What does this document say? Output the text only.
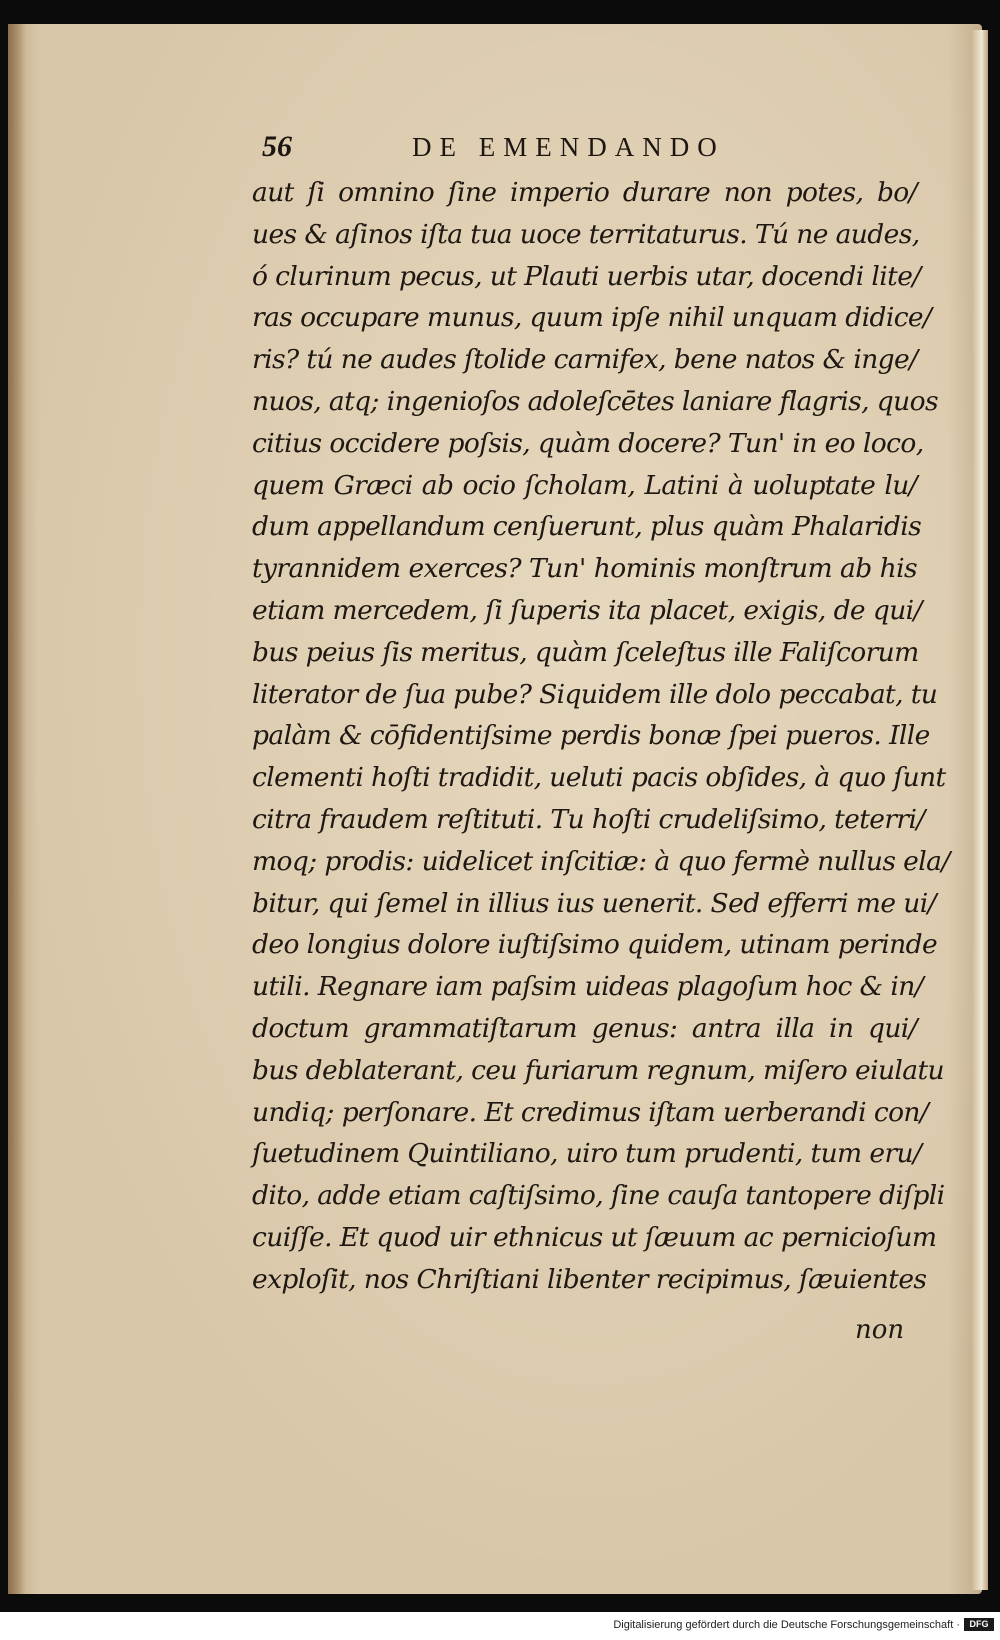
56	DE EMENDANDO
aut ſi omnino ſine imperio durare non potes, bo/
ues & aſinos iſta tua uoce territaturus. Tú ne audes,
ó clurinum pecus, ut Plauti uerbis utar, docendi lite/
ras occupare munus, quum ipſe nihil unquam didice/
ris? tú ne audes ſtolide carnifex, bene natos & inge/
nuos, atq; ingenioſos adoleſcētes laniare flagris, quos
citius occidere poſsis, quàm docere? Tun' in eo loco,
quem Græci ab ocio ſcholam, Latini à uoluptate lu/
dum appellandum cenſuerunt, plus quàm Phalaridis
tyrannidem exerces? Tun' hominis monſtrum ab his
etiam mercedem, ſi ſuperis ita placet, exigis, de qui/
bus peius ſis meritus, quàm ſceleſtus ille Faliſcorum
literator de ſua pube? Siquidem ille dolo peccabat, tu
palàm & cōfidentiſsime perdis bonæ ſpei pueros. Ille
clementi hoſti tradidit, ueluti pacis obſides, à quo ſunt
citra fraudem reſtituti. Tu hoſti crudeliſsimo, teterri/
moq; prodis: uidelicet inſcitiæ: à quo fermè nullus ela/
bitur, qui ſemel in illius ius uenerit. Sed efferri me ui/
deo longius dolore iuſtiſsimo quidem, utinam perinde
utili. Regnare iam paſsim uideas plagoſum hoc & in/
doctum grammatiſtarum genus: antra illa in qui/
bus deblaterant, ceu furiarum regnum, miſero eiulatu
undiq; perſonare. Et credimus iſtam uerberandi con/
ſuetudinem Quintiliano, uiro tum prudenti, tum eru/
dito, adde etiam caſtiſsimo, ſine cauſa tantopere diſpli
cuiſſe. Et quod uir ethnicus ut ſæuum ac pernicioſum
exploſit, nos Chriſtiani libenter recipimus, ſæuientes
non
Digitalisierung gefördert durch die Deutsche Forschungsgemeinschaft ·	DFG
